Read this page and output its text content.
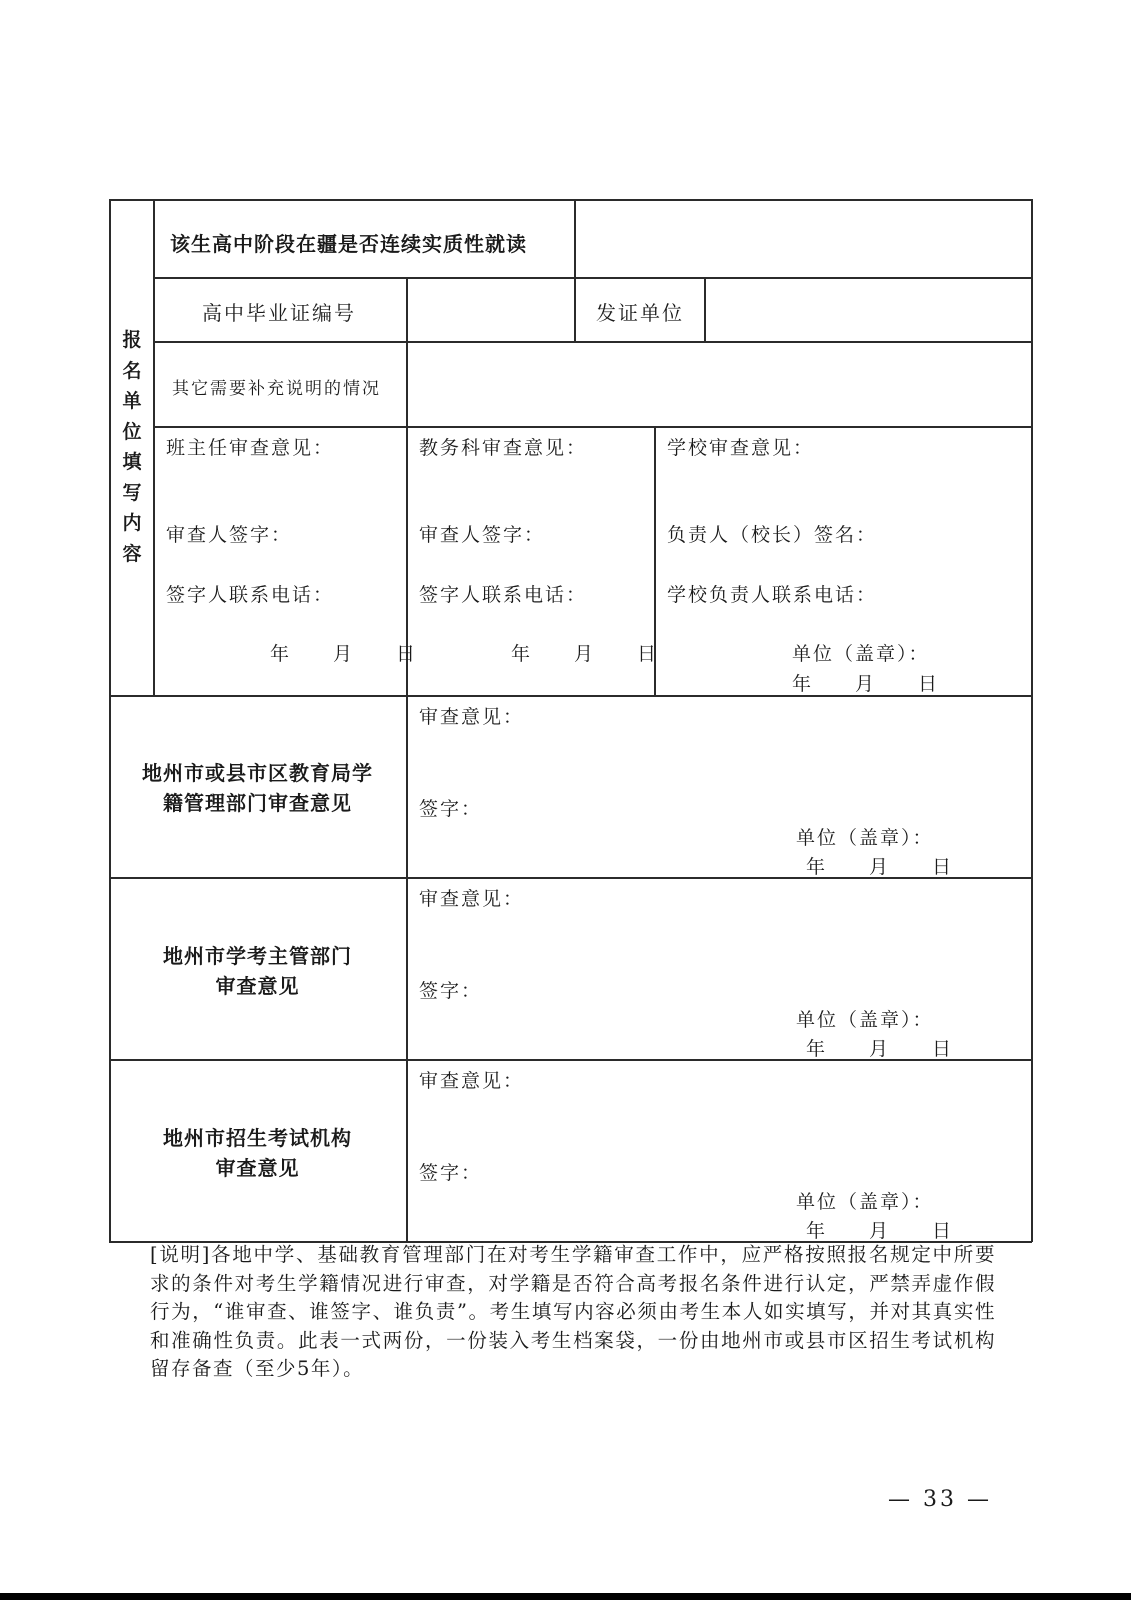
报名单位填写内容
该生高中阶段在疆是否连续实质性就读
高中毕业证编号	发证单位
其它需要补充说明的情况
班主任审查意见：
审查人签字：
签字人联系电话：
年　　月　　日
教务科审查意见：
审查人签字：
签字人联系电话：
年　　月　　日
学校审查意见：
负责人（校长）签名：
学校负责人联系电话：
单位（盖章）：
年　　月　　日
地州市或县市区教育局学
籍管理部门审查意见
审查意见：
签字：
单位（盖章）：
年　　月　　日
地州市学考主管部门
审查意见
审查意见：
签字：
单位（盖章）：
年　　月　　日
地州市招生考试机构
审查意见
审查意见：
签字：
单位（盖章）：
年　　月　　日
[说明]各地中学、基础教育管理部门在对考生学籍审查工作中，应严格按照报名规定中所要求的条件对考生学籍情况进行审查，对学籍是否符合高考报名条件进行认定，严禁弄虚作假行为，“谁审查、谁签字、谁负责”。考生填写内容必须由考生本人如实填写，并对其真实性和准确性负责。此表一式两份，一份装入考生档案袋，一份由地州市或县市区招生考试机构留存备查（至少5年）。
— 33 —
